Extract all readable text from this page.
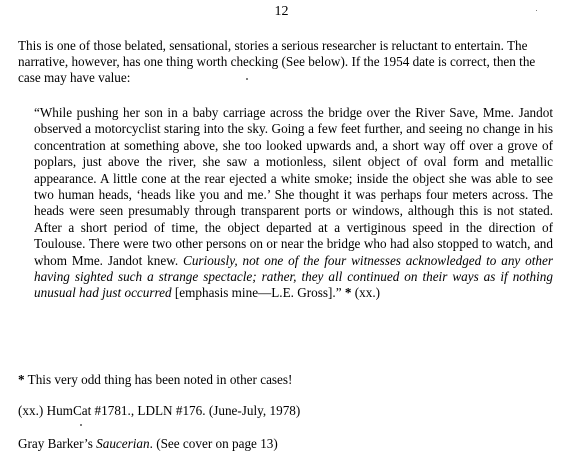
12

This is one of those belated, sensational, stories a serious researcher is reluctant to entertain. The narrative, however, has one thing worth checking (See below). If the 1954 date is correct, then the case may have value:

“While pushing her son in a baby carriage across the bridge over the River Save, Mme. Jandot observed a motorcyclist staring into the sky. Going a few feet further, and seeing no change in his concentration at something above, she too looked upwards and, a short way off over a grove of poplars, just above the river, she saw a motionless, silent object of oval form and metallic appearance. A little cone at the rear ejected a white smoke; inside the object she was able to see two human heads, ‘heads like you and me.’ She thought it was perhaps four meters across. The heads were seen presumably through transparent ports or windows, although this is not stated. After a short period of time, the object departed at a vertiginous speed in the direction of Toulouse. There were two other persons on or near the bridge who had also stopped to watch, and whom Mme. Jandot knew. Curiously, not one of the four witnesses acknowledged to any other having sighted such a strange spectacle; rather, they all continued on their ways as if nothing unusual had just occurred [emphasis mine—L.E. Gross].” * (xx.)

* This very odd thing has been noted in other cases!

(xx.) HumCat #1781., LDLN #176. (June-July, 1978)

Gray Barker’s Saucerian. (See cover on page 13)
